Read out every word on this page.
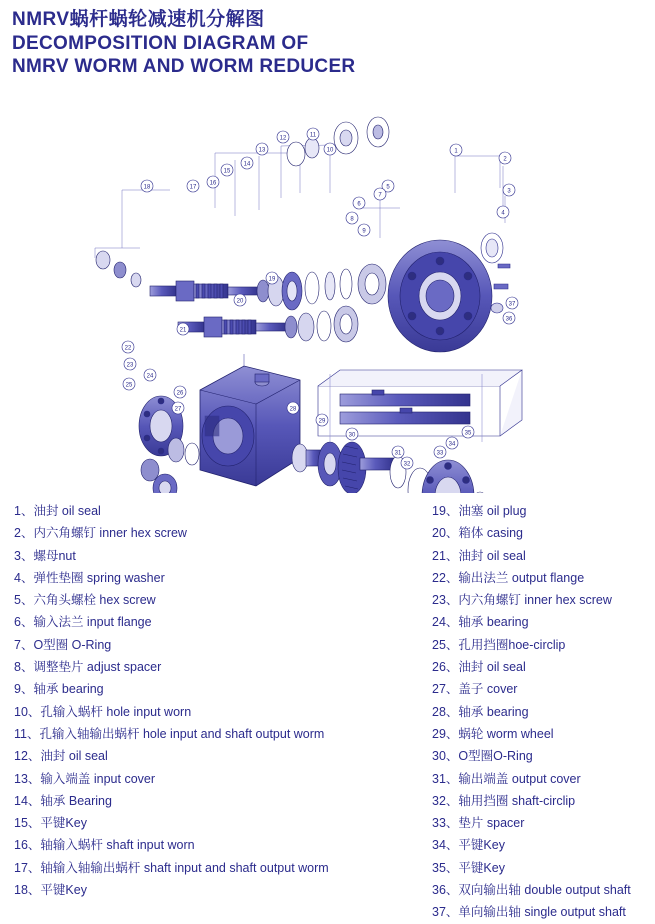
NMRV蜗杆蜗轮减速机分解图
DECOMPOSITION DIAGRAM OF
NMRV WORM AND WORM REDUCER
1
2
3
4
5
6
7
8
9
10
11
12
13
14
15
16
17
18
19
20
21
22
23
24
25
26
27	28
29
30
31
32
33
34
35
36
37
1、油封 oil seal
2、内六角螺钉 inner hex screw
3、螺母nut
4、弹性垫圈 spring washer
5、六角头螺栓 hex screw
6、输入法兰 input flange
7、O型圈 O-Ring
8、调整垫片 adjust spacer
9、轴承 bearing
10、孔输入蜗杆 hole input worn
11、孔输入轴输出蜗杆 hole input and shaft output worm
12、油封 oil seal
13、输入端盖 input cover
14、轴承 Bearing
15、平键Key
16、轴输入蜗杆 shaft input worn
17、轴输入轴输出蜗杆 shaft input and shaft output worm
18、平键Key
19、油塞 oil plug
20、箱体 casing
21、油封 oil seal
22、输出法兰 output flange
23、内六角螺钉 inner hex screw
24、轴承 bearing
25、孔用挡圈hoe-circlip
26、油封 oil seal
27、盖子 cover
28、轴承 bearing
29、蜗轮 worm wheel
30、O型圈O-Ring
31、输出端盖 output cover
32、轴用挡圈 shaft-circlip
33、垫片 spacer
34、平键Key
35、平键Key
36、双向输出轴 double output shaft
37、单向输出轴 single output shaft
